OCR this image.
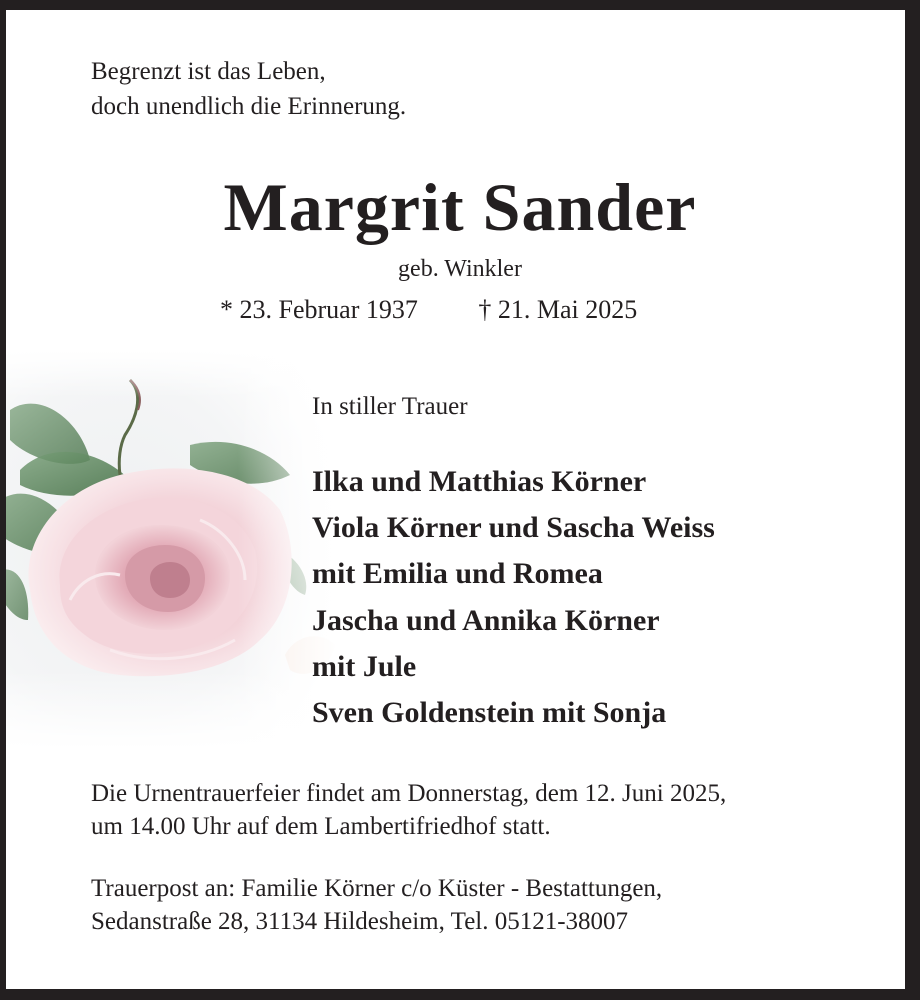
Begrenzt ist das Leben,
doch unendlich die Erinnerung.
Margrit Sander
geb. Winkler
* 23. Februar 1937 † 21. Mai 2025
In stiller Trauer
Ilka und Matthias Körner
Viola Körner und Sascha Weiss
mit Emilia und Romea
Jascha und Annika Körner
mit Jule
Sven Goldenstein mit Sonja
Die Urnentrauerfeier findet am Donnerstag, dem 12. Juni 2025,
um 14.00 Uhr auf dem Lambertifriedhof statt.
Trauerpost an: Familie Körner c/o Küster - Bestattungen,
Sedanstraße 28, 31134 Hildesheim, Tel. 05121-38007
